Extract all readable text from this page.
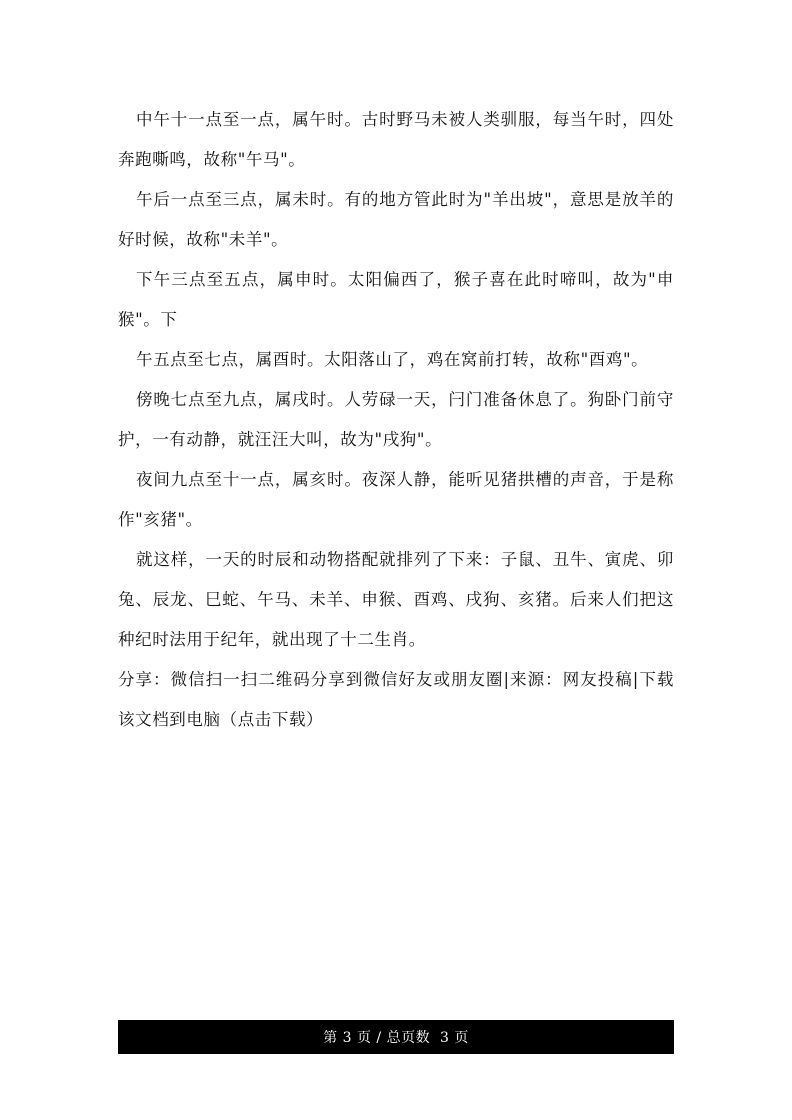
中午十一点至一点，属午时。古时野马未被人类驯服，每当午时，四处奔跑嘶鸣，故称"午马"。

午后一点至三点，属未时。有的地方管此时为"羊出坡"，意思是放羊的好时候，故称"未羊"。

下午三点至五点，属申时。太阳偏西了，猴子喜在此时啼叫，故为"申猴"。下

午五点至七点，属酉时。太阳落山了，鸡在窝前打转，故称"酉鸡"。

傍晚七点至九点，属戌时。人劳碌一天，闩门准备休息了。狗卧门前守护，一有动静，就汪汪大叫，故为"戌狗"。

夜间九点至十一点，属亥时。夜深人静，能听见猪拱槽的声音，于是称作"亥猪"。

就这样，一天的时辰和动物搭配就排列了下来：子鼠、丑牛、寅虎、卯兔、辰龙、巳蛇、午马、未羊、申猴、酉鸡、戌狗、亥猪。后来人们把这种纪时法用于纪年，就出现了十二生肖。

分享：微信扫一扫二维码分享到微信好友或朋友圈|来源：网友投稿|下载该文档到电脑（点击下载）

第 3 页 / 总页数  3 页
